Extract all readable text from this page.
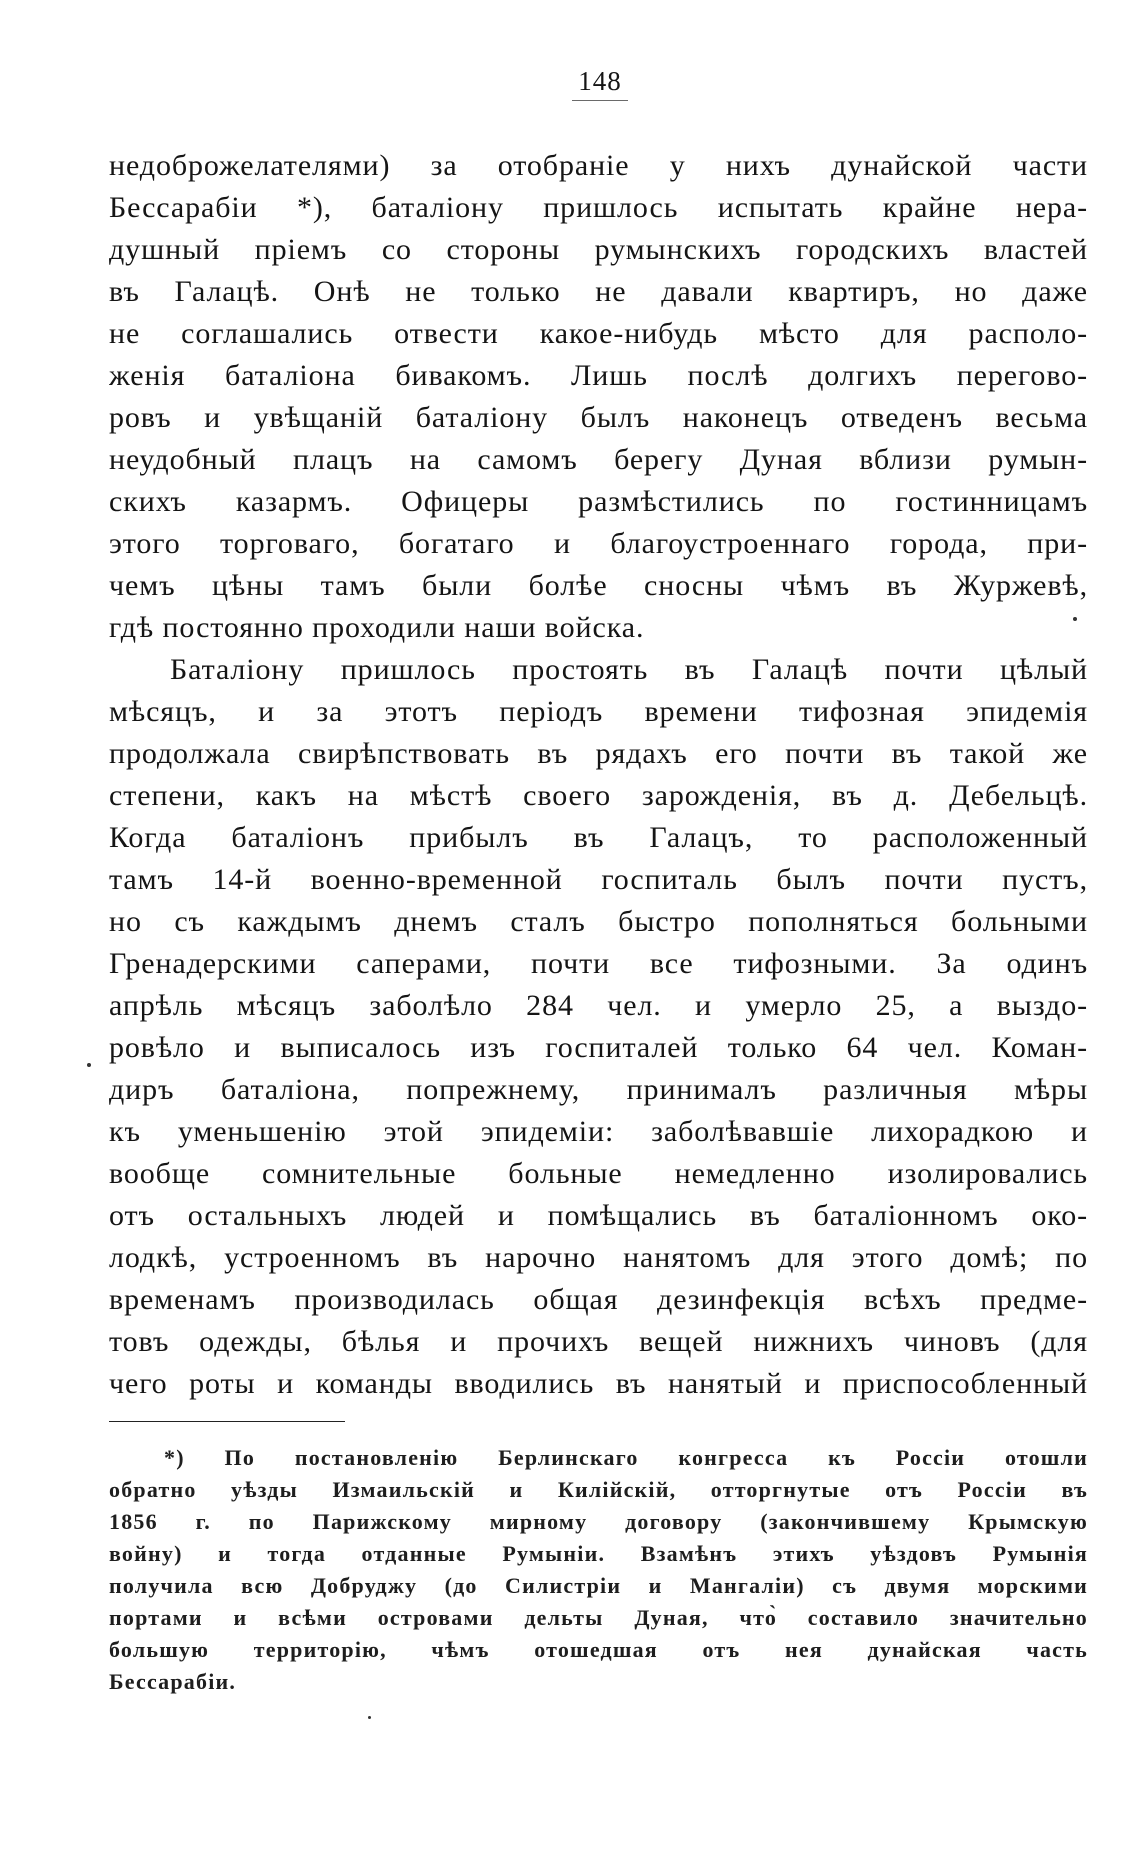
148
недоброжелателями) за отобраніе у нихъ дунайской части
Бессарабіи *), баталіону пришлось испытать крайне нера-
душный пріемъ со стороны румынскихъ городскихъ властей
въ Галацѣ. Онѣ не только не давали квартиръ, но даже
не соглашались отвести какое-нибудь мѣсто для располо-
женія баталіона бивакомъ. Лишь послѣ долгихъ перегово-
ровъ и увѣщаній баталіону былъ наконецъ отведенъ весьма
неудобный плацъ на самомъ берегу Дуная вблизи румын-
скихъ казармъ. Офицеры размѣстились по гостинницамъ
этого торговаго, богатаго и благоустроеннаго города, при-
чемъ цѣны тамъ были болѣе сносны чѣмъ въ Журжевѣ,
гдѣ постоянно проходили наши войска.
Баталіону пришлось простоять въ Галацѣ почти цѣлый
мѣсяцъ, и за этотъ періодъ времени тифозная эпидемія
продолжала свирѣпствовать въ рядахъ его почти въ такой же
степени, какъ на мѣстѣ своего зарожденія, въ д. Дебельцѣ.
Когда баталіонъ прибылъ въ Галацъ, то расположенный
тамъ 14-й военно-временной госпиталь былъ почти пустъ,
но съ каждымъ днемъ сталъ быстро пополняться больными
Гренадерскими саперами, почти все тифозными. За одинъ
апрѣль мѣсяцъ заболѣло 284 чел. и умерло 25, а выздо-
ровѣло и выписалось изъ госпиталей только 64 чел. Коман-
диръ баталіона, попрежнему, принималъ различныя мѣры
къ уменьшенію этой эпидеміи: заболѣвавшіе лихорадкою и
вообще сомнительные больные немедленно изолировались
отъ остальныхъ людей и помѣщались въ баталіонномъ око-
лодкѣ, устроенномъ въ нарочно нанятомъ для этого домѣ; по
временамъ производилась общая дезинфекція всѣхъ предме-
товъ одежды, бѣлья и прочихъ вещей нижнихъ чиновъ (для
чего роты и команды вводились въ нанятый и приспособленный
*) По постановленію Берлинскаго конгресса къ Россіи отошли
обратно уѣзды Измаильскій и Килійскій, отторгнутые отъ Россіи въ
1856 г. по Парижскому мирному договору (закончившему Крымскую
войну) и тогда отданные Румыніи. Взамѣнъ этихъ уѣздовъ Румынія
получила всю Добруджу (до Силистріи и Мангаліи) съ двумя морскими
портами и всѣми островами дельты Дуная, что̀ составило значительно
большую территорію, чѣмъ отошедшая отъ нея дунайская часть
Бессарабіи.
